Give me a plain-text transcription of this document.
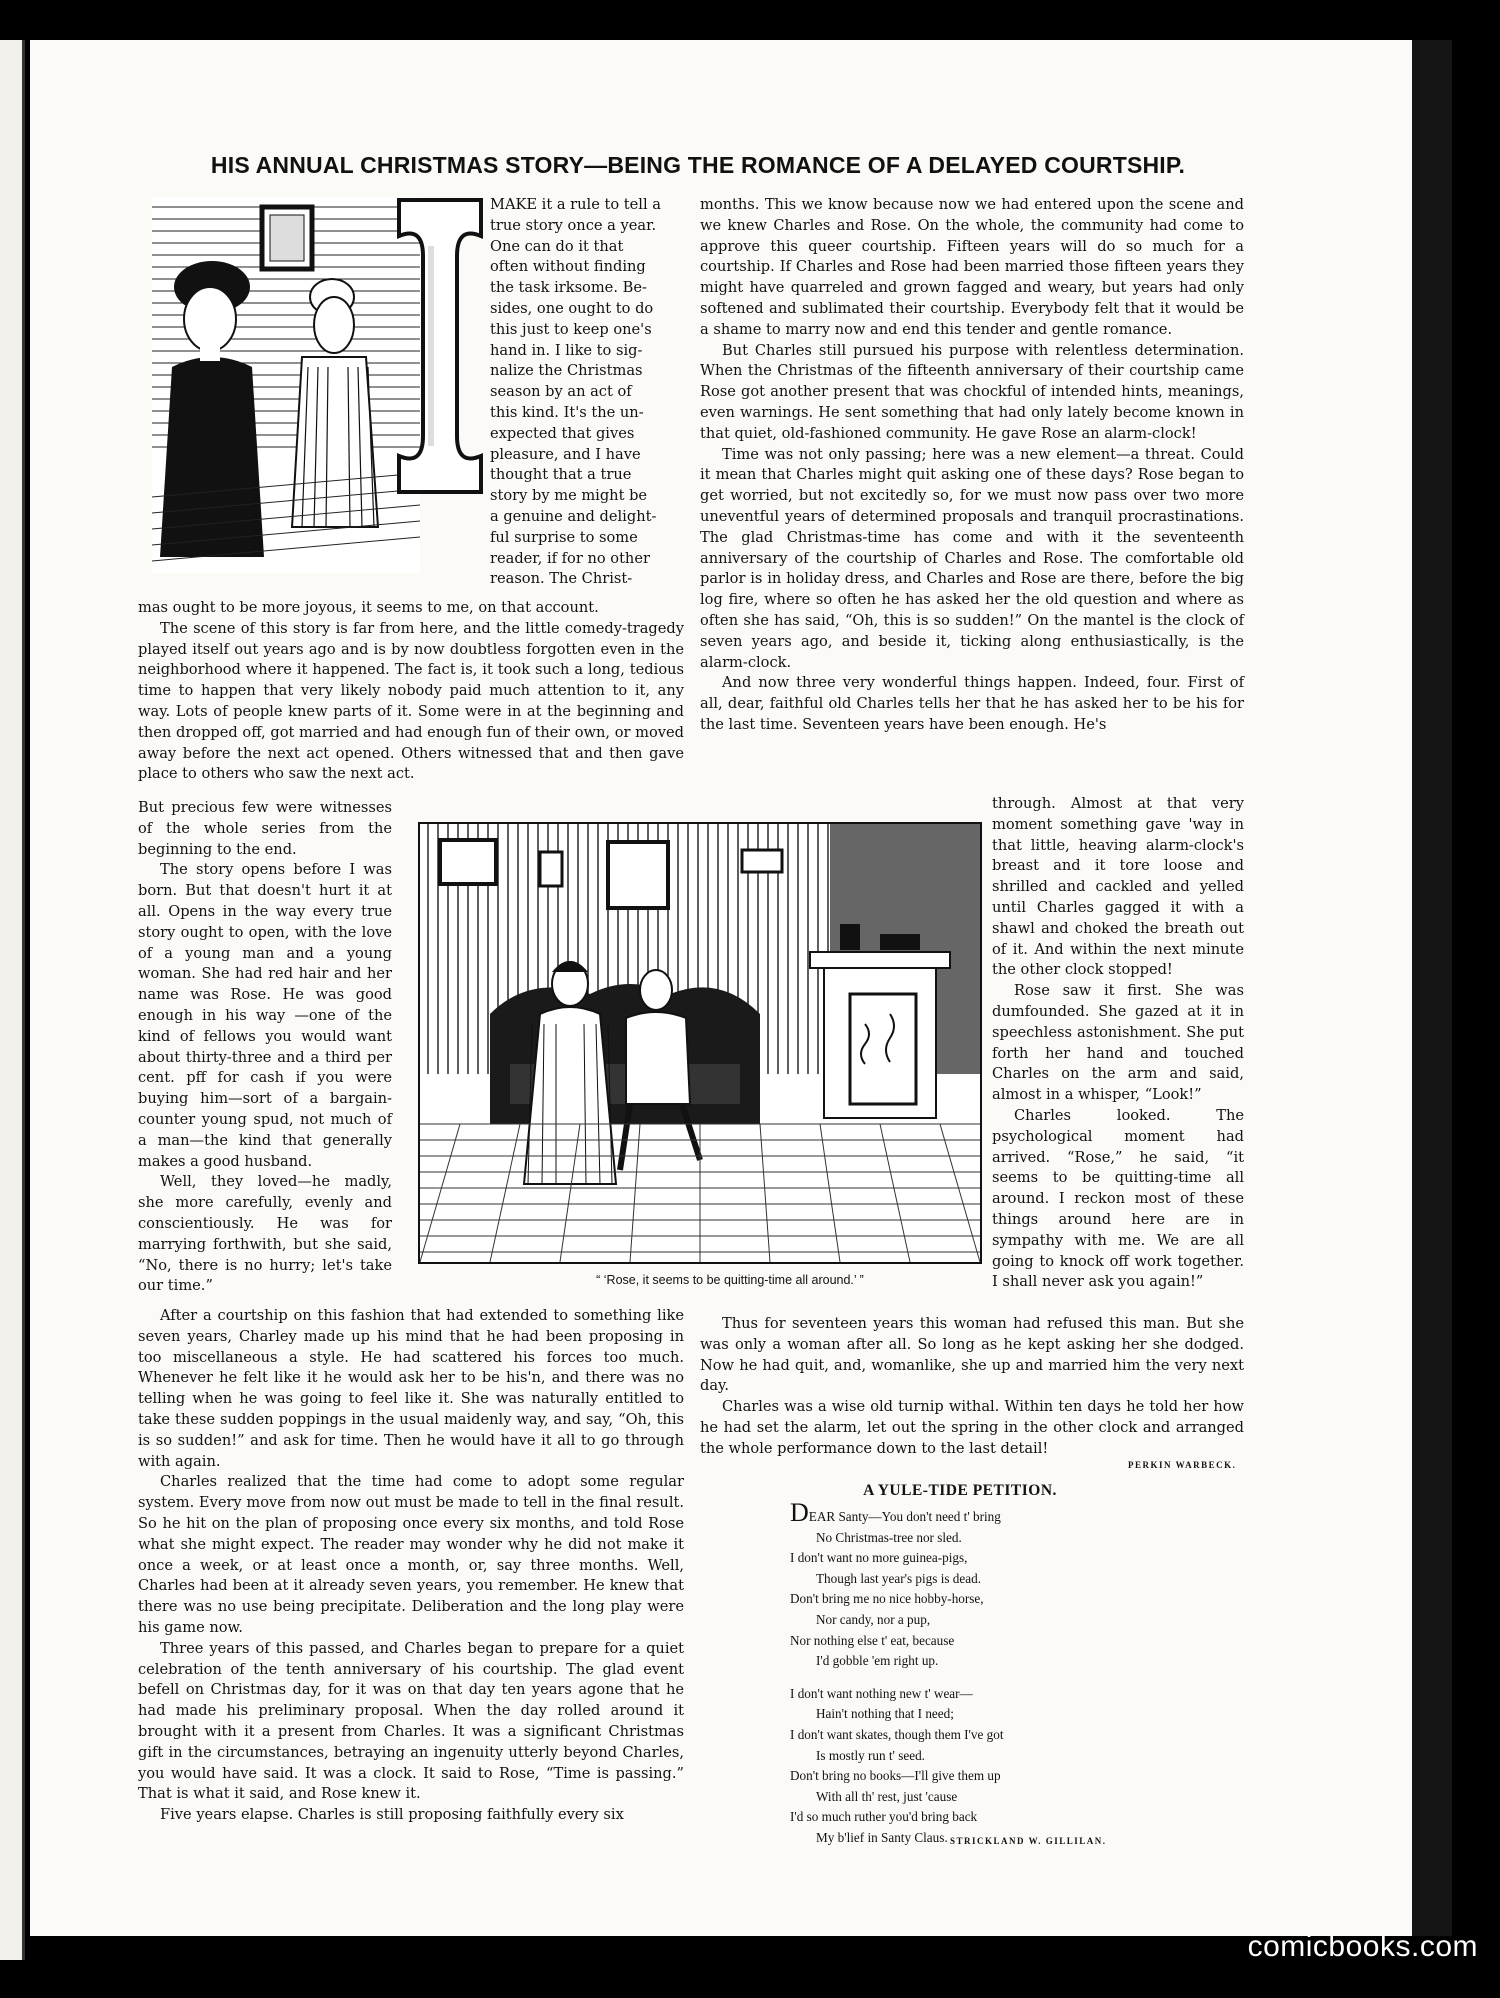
HIS ANNUAL CHRISTMAS STORY—BEING THE ROMANCE OF A DELAYED COURTSHIP.

MAKE it a rule to tell a

true story once a year.

One can do it that

often without finding

the task irksome. Be-

sides, one ought to do

this just to keep one's

hand in. I like to sig-

nalize the Christmas

season by an act of

this kind. It's the un-

expected that gives

pleasure, and I have

thought that a true

story by me might be

a genuine and delight-

ful surprise to some

reader, if for no other

reason. The Christ-

mas ought to be more joyous, it seems to me, on that account.

The scene of this story is far from here, and the little comedy-tragedy played itself out years ago and is by now doubtless forgotten even in the neighborhood where it happened. The fact is, it took such a long, tedious time to happen that very likely nobody paid much attention to it, any way. Lots of people knew parts of it. Some were in at the beginning and then dropped off, got married and had enough fun of their own, or moved away before the next act opened. Others witnessed that and then gave place to others who saw the next act.

But precious few were witnesses of the whole series from the beginning to the end.

The story opens before I was born. But that doesn't hurt it at all. Opens in the way every true story ought to open, with the love of a young man and a young woman. She had red hair and her name was Rose. He was good enough in his way —one of the kind of fellows you would want about thirty-three and a third per cent. pff for cash if you were buying him—sort of a bargain-counter young spud, not much of a man—the kind that generally makes a good husband.

Well, they loved—he madly, she more carefully, evenly and conscientiously. He was for marrying forthwith, but she said, “No, there is no hurry; let's take our time.”	“ ‘Rose, it seems to be quitting-time all around.’ ”

After a courtship on this fashion that had extended to something like seven years, Charley made up his mind that he had been proposing in too miscellaneous a style. He had scattered his forces too much. Whenever he felt like it he would ask her to be his'n, and there was no telling when he was going to feel like it. She was naturally entitled to take these sudden poppings in the usual maidenly way, and say, “Oh, this is so sudden!” and ask for time. Then he would have it all to go through with again.

Charles realized that the time had come to adopt some regular system. Every move from now out must be made to tell in the final result. So he hit on the plan of proposing once every six months, and told Rose what she might expect. The reader may wonder why he did not make it once a week, or at least once a month, or, say three months. Well, Charles had been at it already seven years, you remember. He knew that there was no use being precipitate. Deliberation and the long play were his game now.

Three years of this passed, and Charles began to prepare for a quiet celebration of the tenth anniversary of his courtship. The glad event befell on Christmas day, for it was on that day ten years agone that he had made his preliminary proposal. When the day rolled around it brought with it a present from Charles. It was a significant Christmas gift in the circumstances, betraying an ingenuity utterly beyond Charles, you would have said. It was a clock. It said to Rose, “Time is passing.” That is what it said, and Rose knew it.

Five years elapse. Charles is still proposing faithfully every six

months. This we know because now we had entered upon the scene and we knew Charles and Rose. On the whole, the community had come to approve this queer courtship. Fifteen years will do so much for a courtship. If Charles and Rose had been married those fifteen years they might have quarreled and grown fagged and weary, but years had only softened and sublimated their courtship. Everybody felt that it would be a shame to marry now and end this tender and gentle romance.

But Charles still pursued his purpose with relentless determination. When the Christmas of the fifteenth anniversary of their courtship came Rose got another present that was chockful of intended hints, meanings, even warnings. He sent something that had only lately become known in that quiet, old-fashioned community. He gave Rose an alarm-clock!

Time was not only passing; here was a new element—a threat. Could it mean that Charles might quit asking one of these days? Rose began to get worried, but not excitedly so, for we must now pass over two more uneventful years of determined proposals and tranquil procrastinations. The glad Christmas-time has come and with it the seventeenth anniversary of the courtship of Charles and Rose. The comfortable old parlor is in holiday dress, and Charles and Rose are there, before the big log fire, where so often he has asked her the old question and where as often she has said, “Oh, this is so sudden!” On the mantel is the clock of seven years ago, and beside it, ticking along enthusiastically, is the alarm-clock.

And now three very wonderful things happen. Indeed, four. First of all, dear, faithful old Charles tells her that he has asked her to be his for the last time. Seventeen years have been enough. He's

through. Almost at that very moment something gave 'way in that little, heaving alarm-clock's breast and it tore loose and shrilled and cackled and yelled until Charles gagged it with a shawl and choked the breath out of it. And within the next minute the other clock stopped!

Rose saw it first. She was dumfounded. She gazed at it in speechless astonishment. She put forth her hand and touched Charles on the arm and said, almost in a whisper, “Look!”

Charles looked. The psychological moment had arrived. “Rose,” he said, “it seems to be quitting-time all around. I reckon most of these things around here are in sympathy with me. We are all going to knock off work together. I shall never ask you again!”

Thus for seventeen years this woman had refused this man. But she was only a woman after all. So long as he kept asking her she dodged. Now he had quit, and, womanlike, she up and married him the very next day.

Charles was a wise old turnip withal. Within ten days he told her how he had set the alarm, let out the spring in the other clock and arranged the whole performance down to the last detail!

PERKIN WARBECK.
A YULE-TIDE PETITION.
DEAR Santy—You don't need t' bring
No Christmas-tree nor sled.
I don't want no more guinea-pigs,
Though last year's pigs is dead.
Don't bring me no nice hobby-horse,
Nor candy, nor a pup,
Nor nothing else t' eat, because
I'd gobble 'em right up.
I don't want nothing new t' wear—
Hain't nothing that I need;
I don't want skates, though them I've got
Is mostly run t' seed.
Don't bring no books—I'll give them up
With all th' rest, just 'cause
I'd so much ruther you'd bring back
My b'lief in Santy Claus. STRICKLAND W. GILLILAN.
comicbooks.com
